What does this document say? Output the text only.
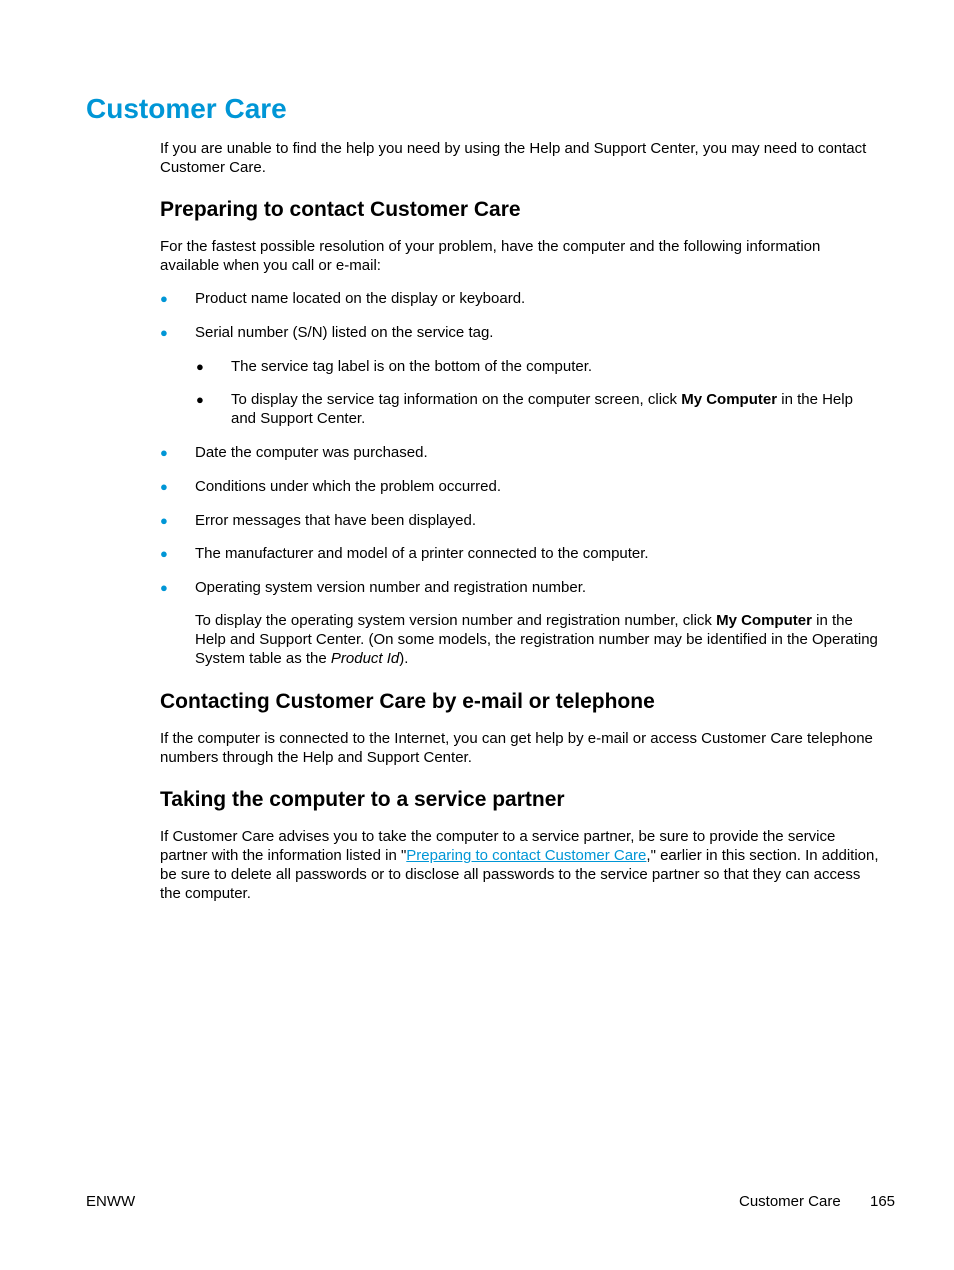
Customer Care

If you are unable to find the help you need by using the Help and Support Center, you may need to contact Customer Care.

Preparing to contact Customer Care

For the fastest possible resolution of your problem, have the computer and the following information available when you call or e-mail:

● Product name located on the display or keyboard.
● Serial number (S/N) listed on the service tag.
● The service tag label is on the bottom of the computer.
● To display the service tag information on the computer screen, click My Computer in the Help and Support Center.
● Date the computer was purchased.
● Conditions under which the problem occurred.
● Error messages that have been displayed.
● The manufacturer and model of a printer connected to the computer.
● Operating system version number and registration number.

To display the operating system version number and registration number, click My Computer in the Help and Support Center. (On some models, the registration number may be identified in the Operating System table as the Product Id).

Contacting Customer Care by e-mail or telephone

If the computer is connected to the Internet, you can get help by e-mail or access Customer Care telephone numbers through the Help and Support Center.

Taking the computer to a service partner

If Customer Care advises you to take the computer to a service partner, be sure to provide the service partner with the information listed in "Preparing to contact Customer Care," earlier in this section. In addition, be sure to delete all passwords or to disclose all passwords to the service partner so that they can access the computer.

ENWW	Customer Care 165
